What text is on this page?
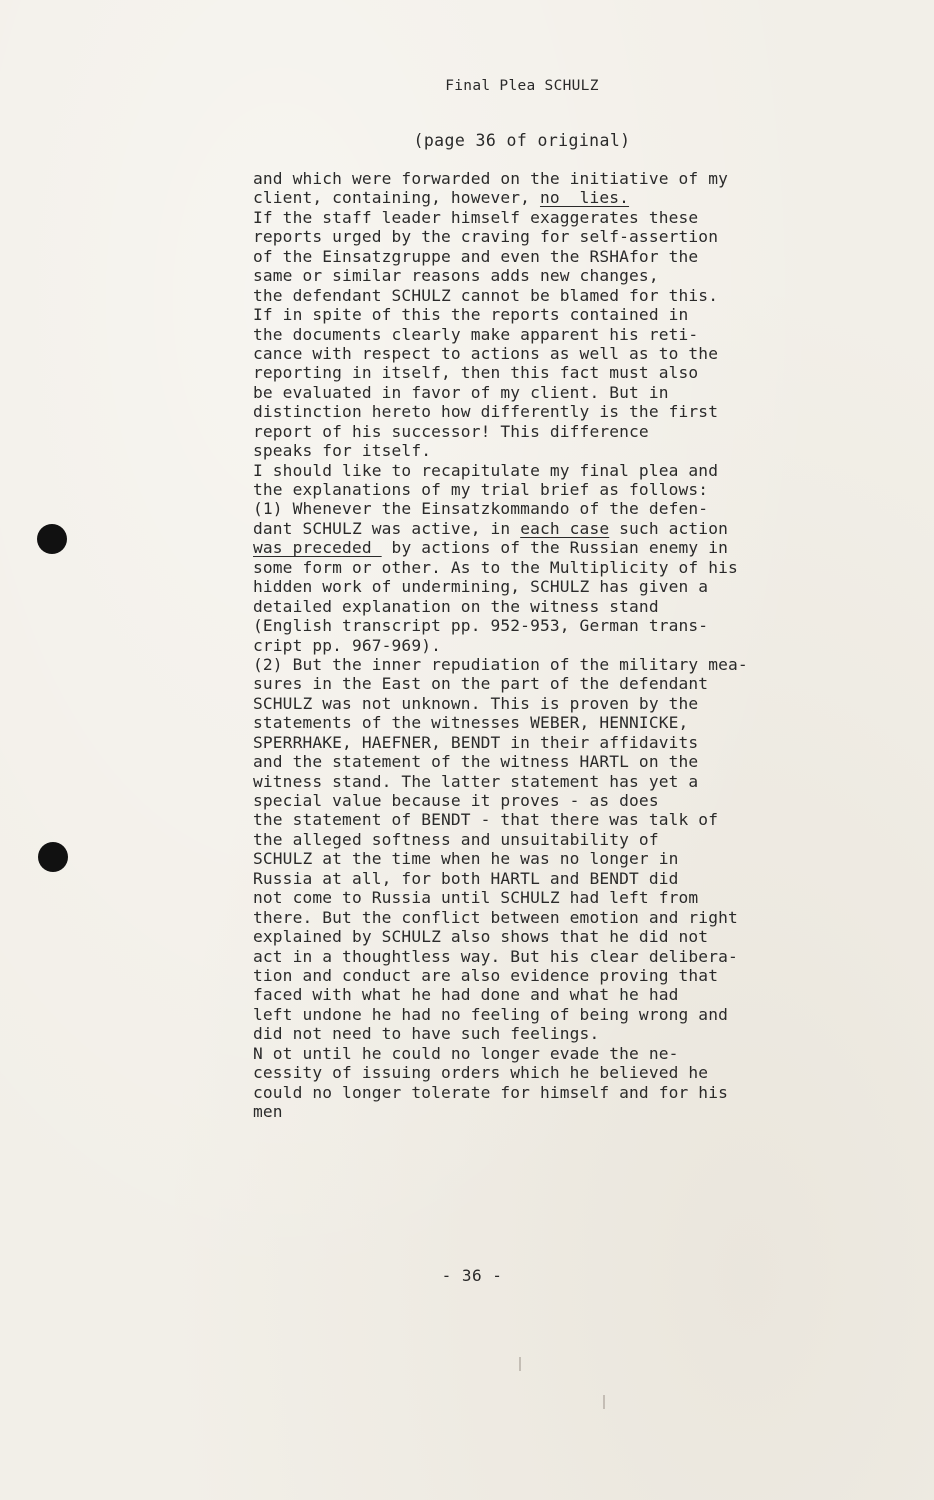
Final Plea SCHULZ
(page 36 of original)
and which were forwarded on the initiative of my
client, containing, however, no  lies.
If the staff leader himself exaggerates these
reports urged by the craving for self-assertion
of the Einsatzgruppe and even the RSHAfor the
same or similar reasons adds new changes,
the defendant SCHULZ cannot be blamed for this.
If in spite of this the reports contained in
the documents clearly make apparent his reti-
cance with respect to actions as well as to the
reporting in itself, then this fact must also
be evaluated in favor of my client. But in
distinction hereto how differently is the first
report of his successor! This difference
speaks for itself.
I should like to recapitulate my final plea and
the explanations of my trial brief as follows:
(1) Whenever the Einsatzkommando of the defen-
dant SCHULZ was active, in each case such action
was preceded  by actions of the Russian enemy in
some form or other. As to the Multiplicity of his
hidden work of undermining, SCHULZ has given a
detailed explanation on the witness stand
(English transcript pp. 952-953, German trans-
cript pp. 967-969).
(2) But the inner repudiation of the military mea-
sures in the East on the part of the defendant
SCHULZ was not unknown. This is proven by the
statements of the witnesses WEBER, HENNICKE,
SPERRHAKE, HAEFNER, BENDT in their affidavits
and the statement of the witness HARTL on the
witness stand. The latter statement has yet a
special value because it proves - as does
the statement of BENDT - that there was talk of
the alleged softness and unsuitability of
SCHULZ at the time when he was no longer in
Russia at all, for both HARTL and BENDT did
not come to Russia until SCHULZ had left from
there. But the conflict between emotion and right
explained by SCHULZ also shows that he did not
act in a thoughtless way. But his clear delibera-
tion and conduct are also evidence proving that
faced with what he had done and what he had
left undone he had no feeling of being wrong and
did not need to have such feelings.
N ot until he could no longer evade the ne-
cessity of issuing orders which he believed he
could no longer tolerate for himself and for his
men
- 36 -
